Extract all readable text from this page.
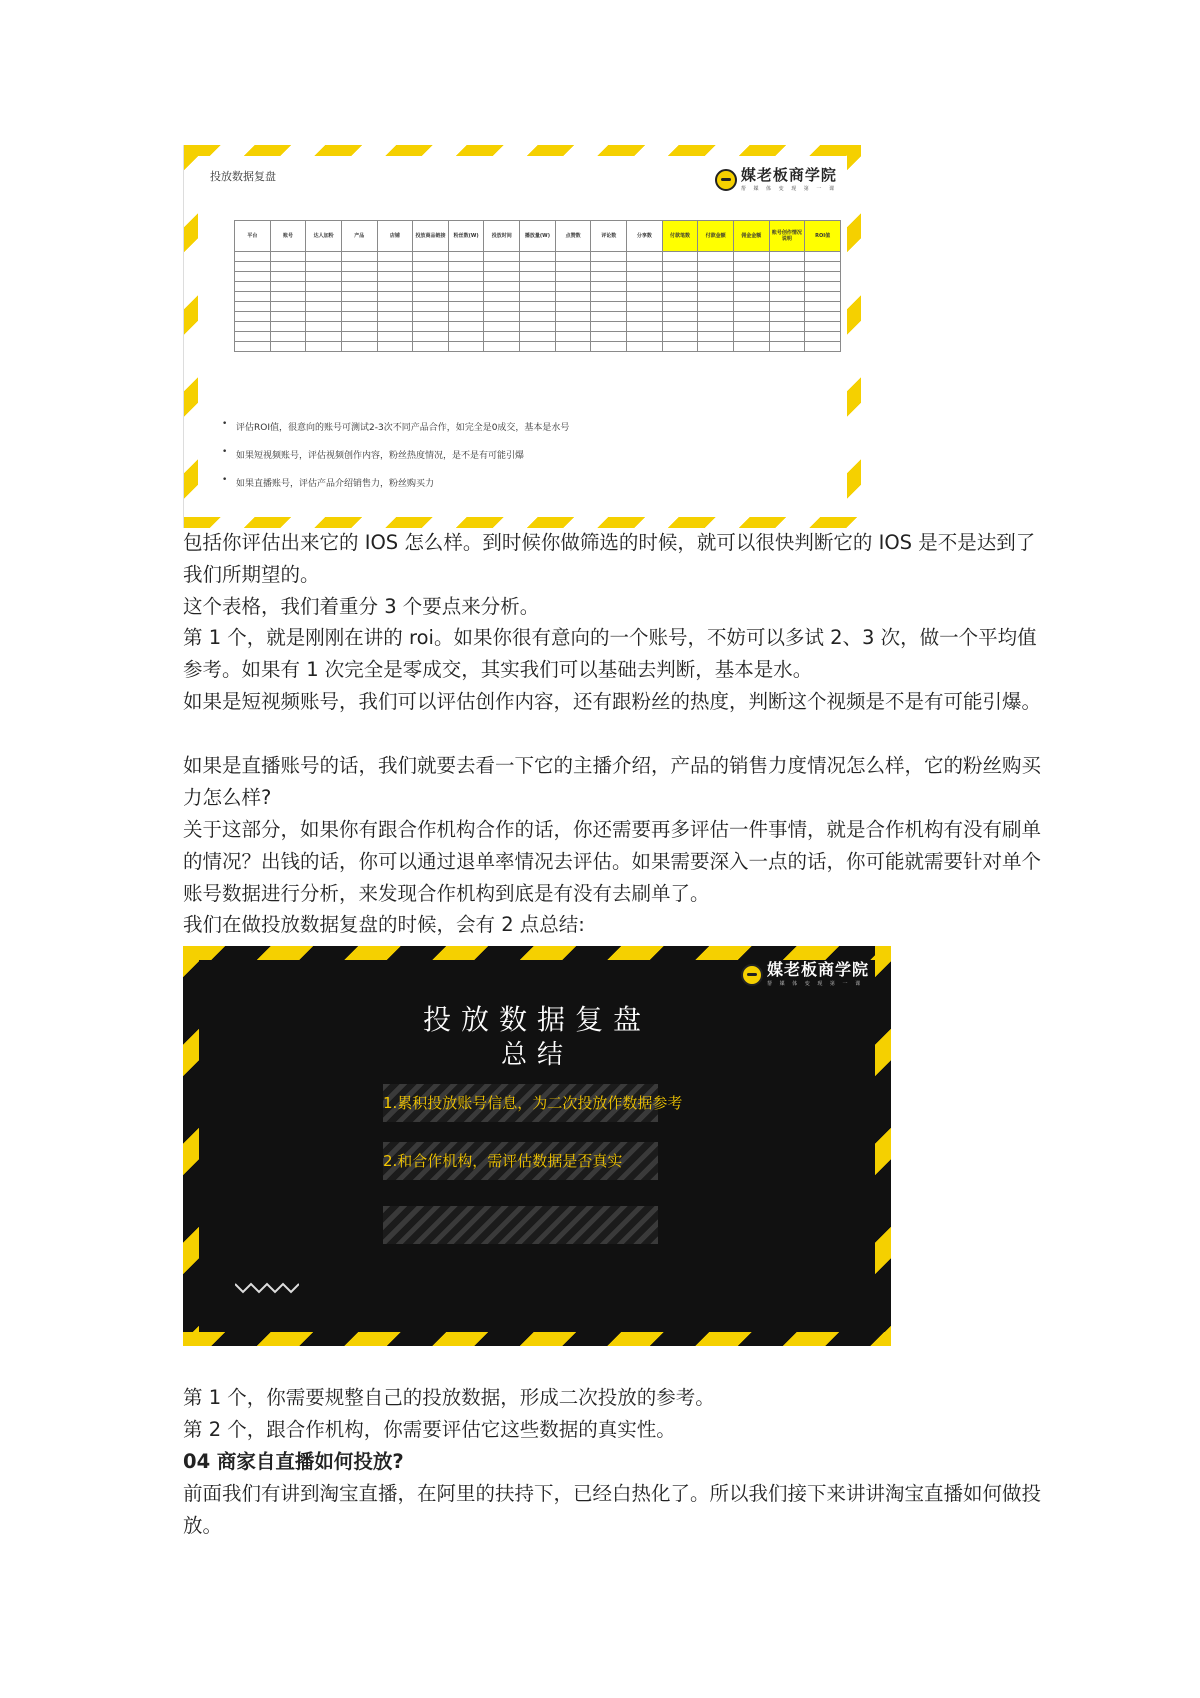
投放数据复盘	媒老板商学院
帮 媒 体 变 现 第 一 课
平台	账号	达人加粉	产品	店铺	投放商品链接	粉丝数(W)	投放时间	播放量(W)	点赞数	评论数	分享数	付款笔数	付款金额	佣金金额	账号创作情况说明	ROI值

• 评估ROI值，很意向的账号可测试2-3次不同产品合作，如完全是0成交，基本是水号
• 如果短视频账号，评估视频创作内容，粉丝热度情况，是不是有可能引爆
• 如果直播账号，评估产品介绍销售力，粉丝购买力

包括你评估出来它的 IOS 怎么样。到时候你做筛选的时候，就可以很快判断它的 IOS 是不是达到了我们所期望的。

这个表格，我们着重分 3 个要点来分析。

第 1 个，就是刚刚在讲的 roi。如果你很有意向的一个账号，不妨可以多试 2、3 次，做一个平均值参考。如果有 1 次完全是零成交，其实我们可以基础去判断，基本是水。

如果是短视频账号，我们可以评估创作内容，还有跟粉丝的热度，判断这个视频是不是有可能引爆。

如果是直播账号的话，我们就要去看一下它的主播介绍，产品的销售力度情况怎么样，它的粉丝购买力怎么样?

关于这部分，如果你有跟合作机构合作的话，你还需要再多评估一件事情，就是合作机构有没有刷单的情况？出钱的话，你可以通过退单率情况去评估。如果需要深入一点的话，你可能就需要针对单个账号数据进行分析，来发现合作机构到底是有没有去刷单了。

我们在做投放数据复盘的时候，会有 2 点总结:

媒老板商学院
帮 媒 体 变 现 第 一 课
投放数据复盘
总结
1.累积投放账号信息，为二次投放作数据参考
2.和合作机构，需评估数据是否真实

第 1 个，你需要规整自己的投放数据，形成二次投放的参考。

第 2 个，跟合作机构，你需要评估它这些数据的真实性。

04 商家自直播如何投放?

前面我们有讲到淘宝直播，在阿里的扶持下，已经白热化了。所以我们接下来讲讲淘宝直播如何做投放。
